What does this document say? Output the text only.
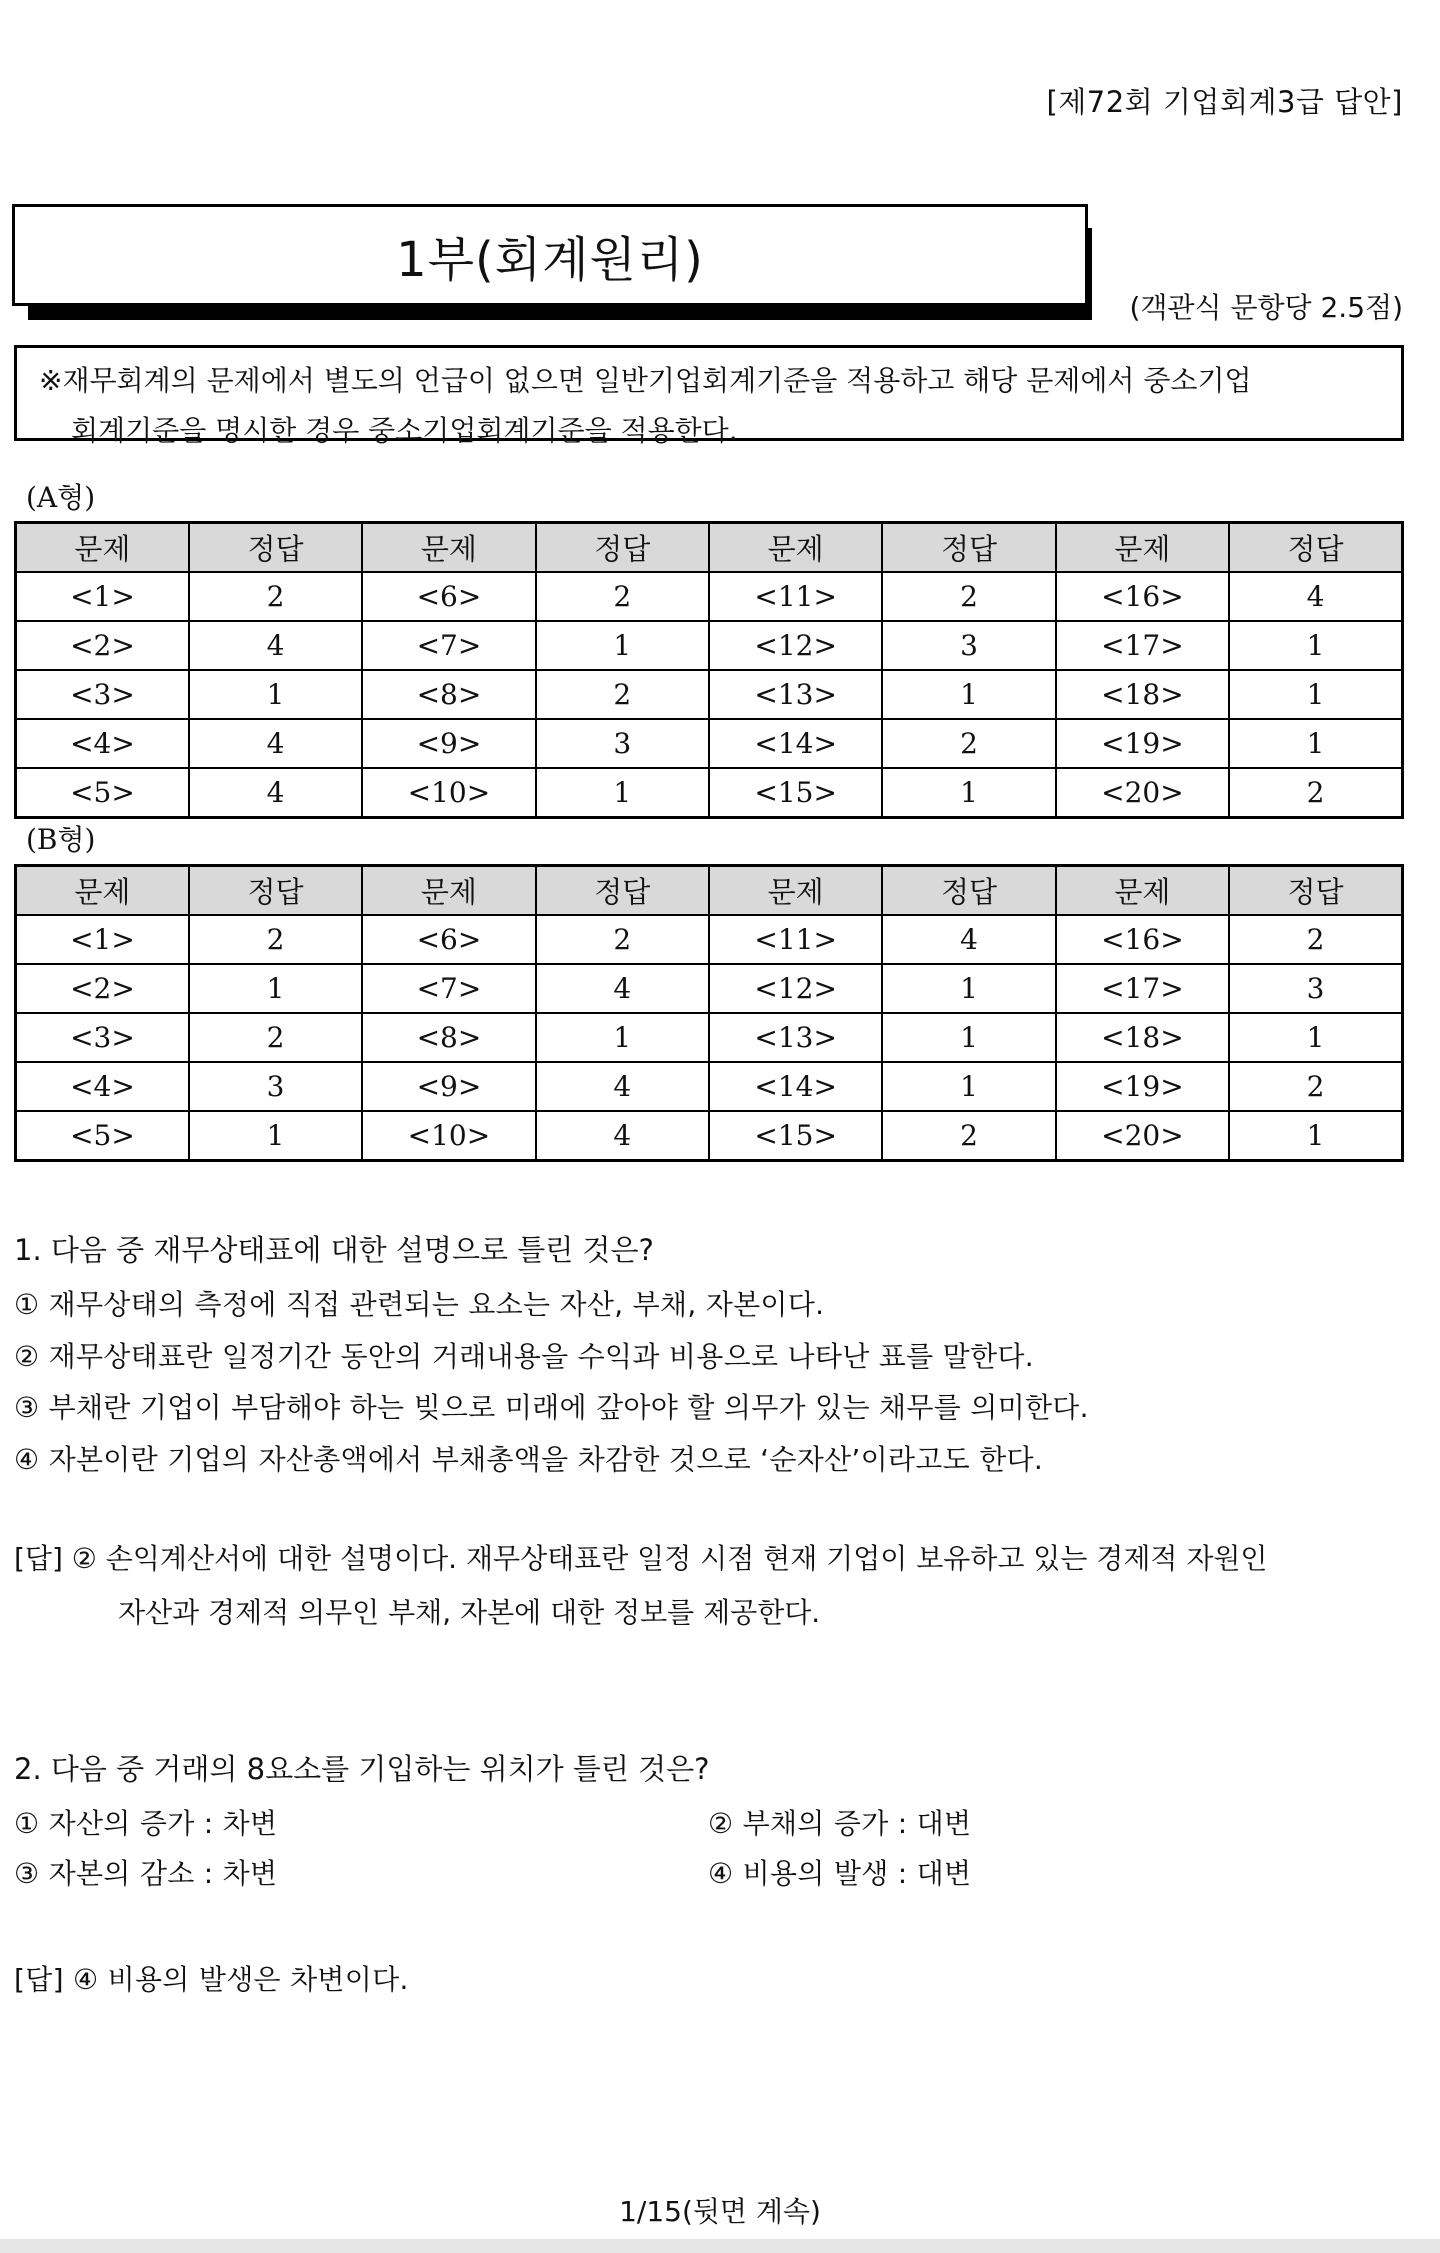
[제72회 기업회계3급 답안]
1부(회계원리)
(객관식 문항당 2.5점)
※재무회계의 문제에서 별도의 언급이 없으면 일반기업회계기준을 적용하고 해당 문제에서 중소기업
회계기준을 명시한 경우 중소기업회계기준을 적용한다.
(A형)
문제	정답	문제	정답	문제	정답	문제	정답
<1>	2	<6>	2	<11>	2	<16>	4
<2>	4	<7>	1	<12>	3	<17>	1
<3>	1	<8>	2	<13>	1	<18>	1
<4>	4	<9>	3	<14>	2	<19>	1
<5>	4	<10>	1	<15>	1	<20>	2
(B형)
문제	정답	문제	정답	문제	정답	문제	정답
<1>	2	<6>	2	<11>	4	<16>	2
<2>	1	<7>	4	<12>	1	<17>	3
<3>	2	<8>	1	<13>	1	<18>	1
<4>	3	<9>	4	<14>	1	<19>	2
<5>	1	<10>	4	<15>	2	<20>	1
1. 다음 중 재무상태표에 대한 설명으로 틀린 것은?
① 재무상태의 측정에 직접 관련되는 요소는 자산, 부채, 자본이다.
② 재무상태표란 일정기간 동안의 거래내용을 수익과 비용으로 나타난 표를 말한다.
③ 부채란 기업이 부담해야 하는 빚으로 미래에 갚아야 할 의무가 있는 채무를 의미한다.
④ 자본이란 기업의 자산총액에서 부채총액을 차감한 것으로 ‘순자산’이라고도 한다.
[답] ② 손익계산서에 대한 설명이다. 재무상태표란 일정 시점 현재 기업이 보유하고 있는 경제적 자원인
자산과 경제적 의무인 부채, 자본에 대한 정보를 제공한다.
2. 다음 중 거래의 8요소를 기입하는 위치가 틀린 것은?
① 자산의 증가 : 차변	② 부채의 증가 : 대변
③ 자본의 감소 : 차변	④ 비용의 발생 : 대변
[답] ④ 비용의 발생은 차변이다.
1/15(뒷면 계속)
